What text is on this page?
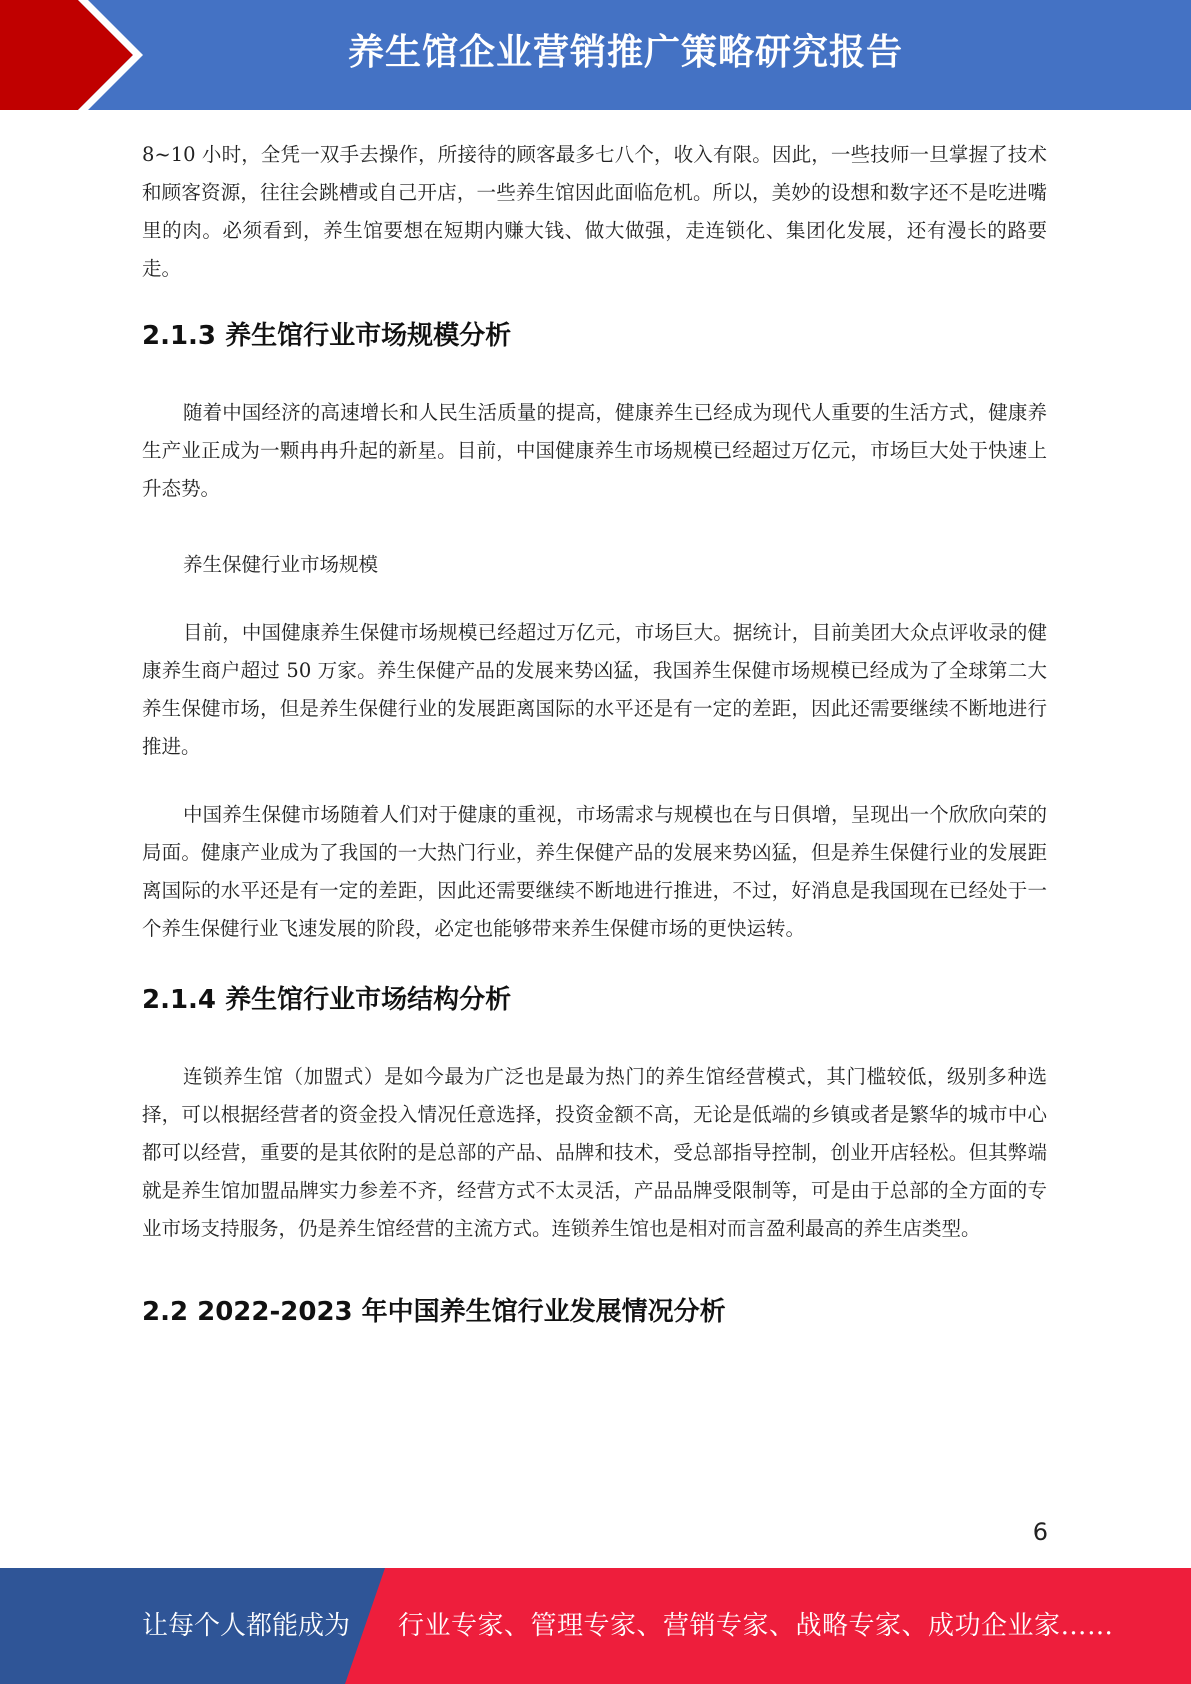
养生馆企业营销推广策略研究报告

8~10 小时，全凭一双手去操作，所接待的顾客最多七八个，收入有限。因此，一些技师一旦掌握了技术和顾客资源，往往会跳槽或自己开店，一些养生馆因此面临危机。所以，美妙的设想和数字还不是吃进嘴里的肉。必须看到，养生馆要想在短期内赚大钱、做大做强，走连锁化、集团化发展，还有漫长的路要走。

2.1.3 养生馆行业市场规模分析

随着中国经济的高速增长和人民生活质量的提高，健康养生已经成为现代人重要的生活方式，健康养生产业正成为一颗冉冉升起的新星。目前，中国健康养生市场规模已经超过万亿元，市场巨大处于快速上升态势。

养生保健行业市场规模

目前，中国健康养生保健市场规模已经超过万亿元，市场巨大。据统计，目前美团大众点评收录的健康养生商户超过 50 万家。养生保健产品的发展来势凶猛，我国养生保健市场规模已经成为了全球第二大养生保健市场，但是养生保健行业的发展距离国际的水平还是有一定的差距，因此还需要继续不断地进行推进。

中国养生保健市场随着人们对于健康的重视，市场需求与规模也在与日俱增，呈现出一个欣欣向荣的局面。健康产业成为了我国的一大热门行业，养生保健产品的发展来势凶猛，但是养生保健行业的发展距离国际的水平还是有一定的差距，因此还需要继续不断地进行推进，不过，好消息是我国现在已经处于一个养生保健行业飞速发展的阶段，必定也能够带来养生保健市场的更快运转。

2.1.4 养生馆行业市场结构分析

连锁养生馆（加盟式）是如今最为广泛也是最为热门的养生馆经营模式，其门槛较低，级别多种选择，可以根据经营者的资金投入情况任意选择，投资金额不高，无论是低端的乡镇或者是繁华的城市中心都可以经营，重要的是其依附的是总部的产品、品牌和技术，受总部指导控制，创业开店轻松。但其弊端就是养生馆加盟品牌实力参差不齐，经营方式不太灵活，产品品牌受限制等，可是由于总部的全方面的专业市场支持服务，仍是养生馆经营的主流方式。连锁养生馆也是相对而言盈利最高的养生店类型。

2.2 2022-2023 年中国养生馆行业发展情况分析
6
让每个人都能成为 行业专家、管理专家、营销专家、战略专家、成功企业家……
